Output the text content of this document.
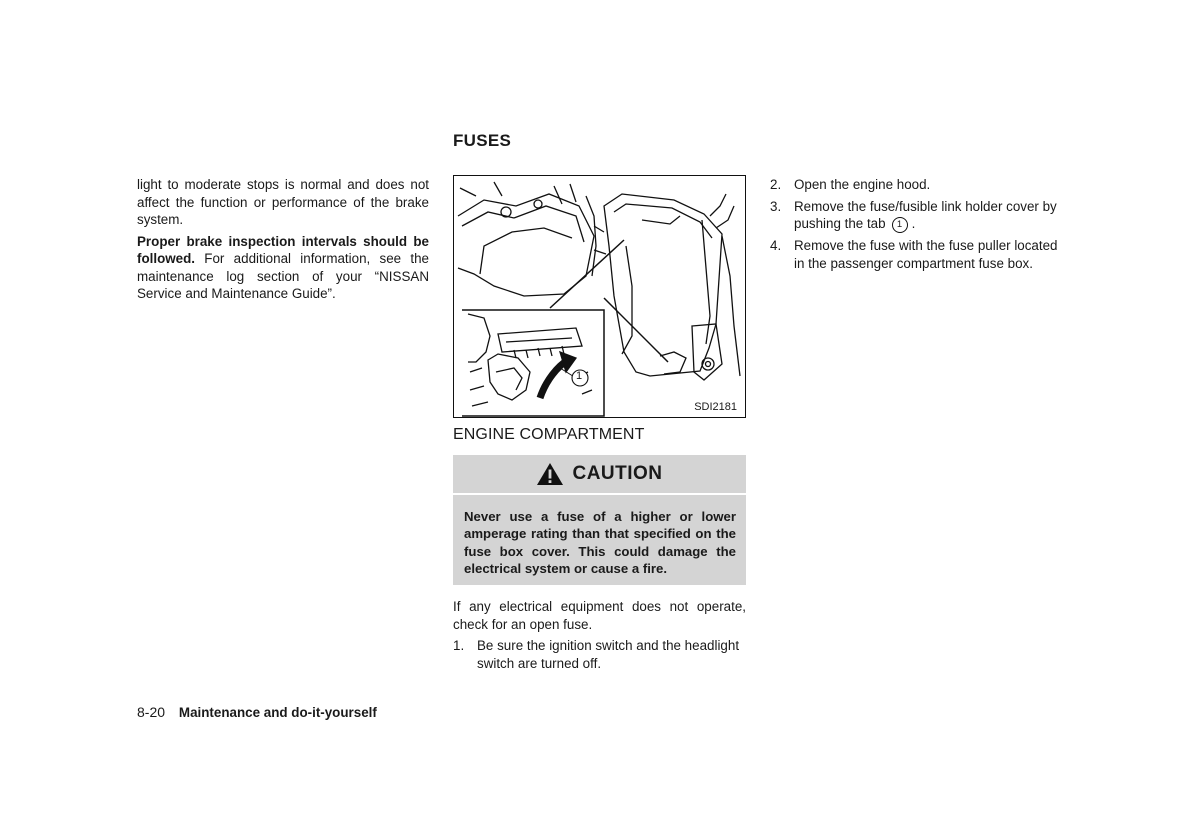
light to moderate stops is normal and does not affect the function or performance of the brake system.

Proper brake inspection intervals should be followed. For additional information, see the maintenance log section of your “NISSAN Service and Maintenance Guide”.

FUSES
1
SDI2181
ENGINE COMPARTMENT
CAUTION
Never use a fuse of a higher or lower amperage rating than that specified on the fuse box cover. This could damage the electrical system or cause a fire.

If any electrical equipment does not operate, check for an open fuse.

1. Be sure the ignition switch and the headlight switch are turned off.
2. Open the engine hood.
3. Remove the fuse/fusible link holder cover by pushing the tab 1 .
4. Remove the fuse with the fuse puller located in the passenger compartment fuse box.
8-20 Maintenance and do-it-yourself
